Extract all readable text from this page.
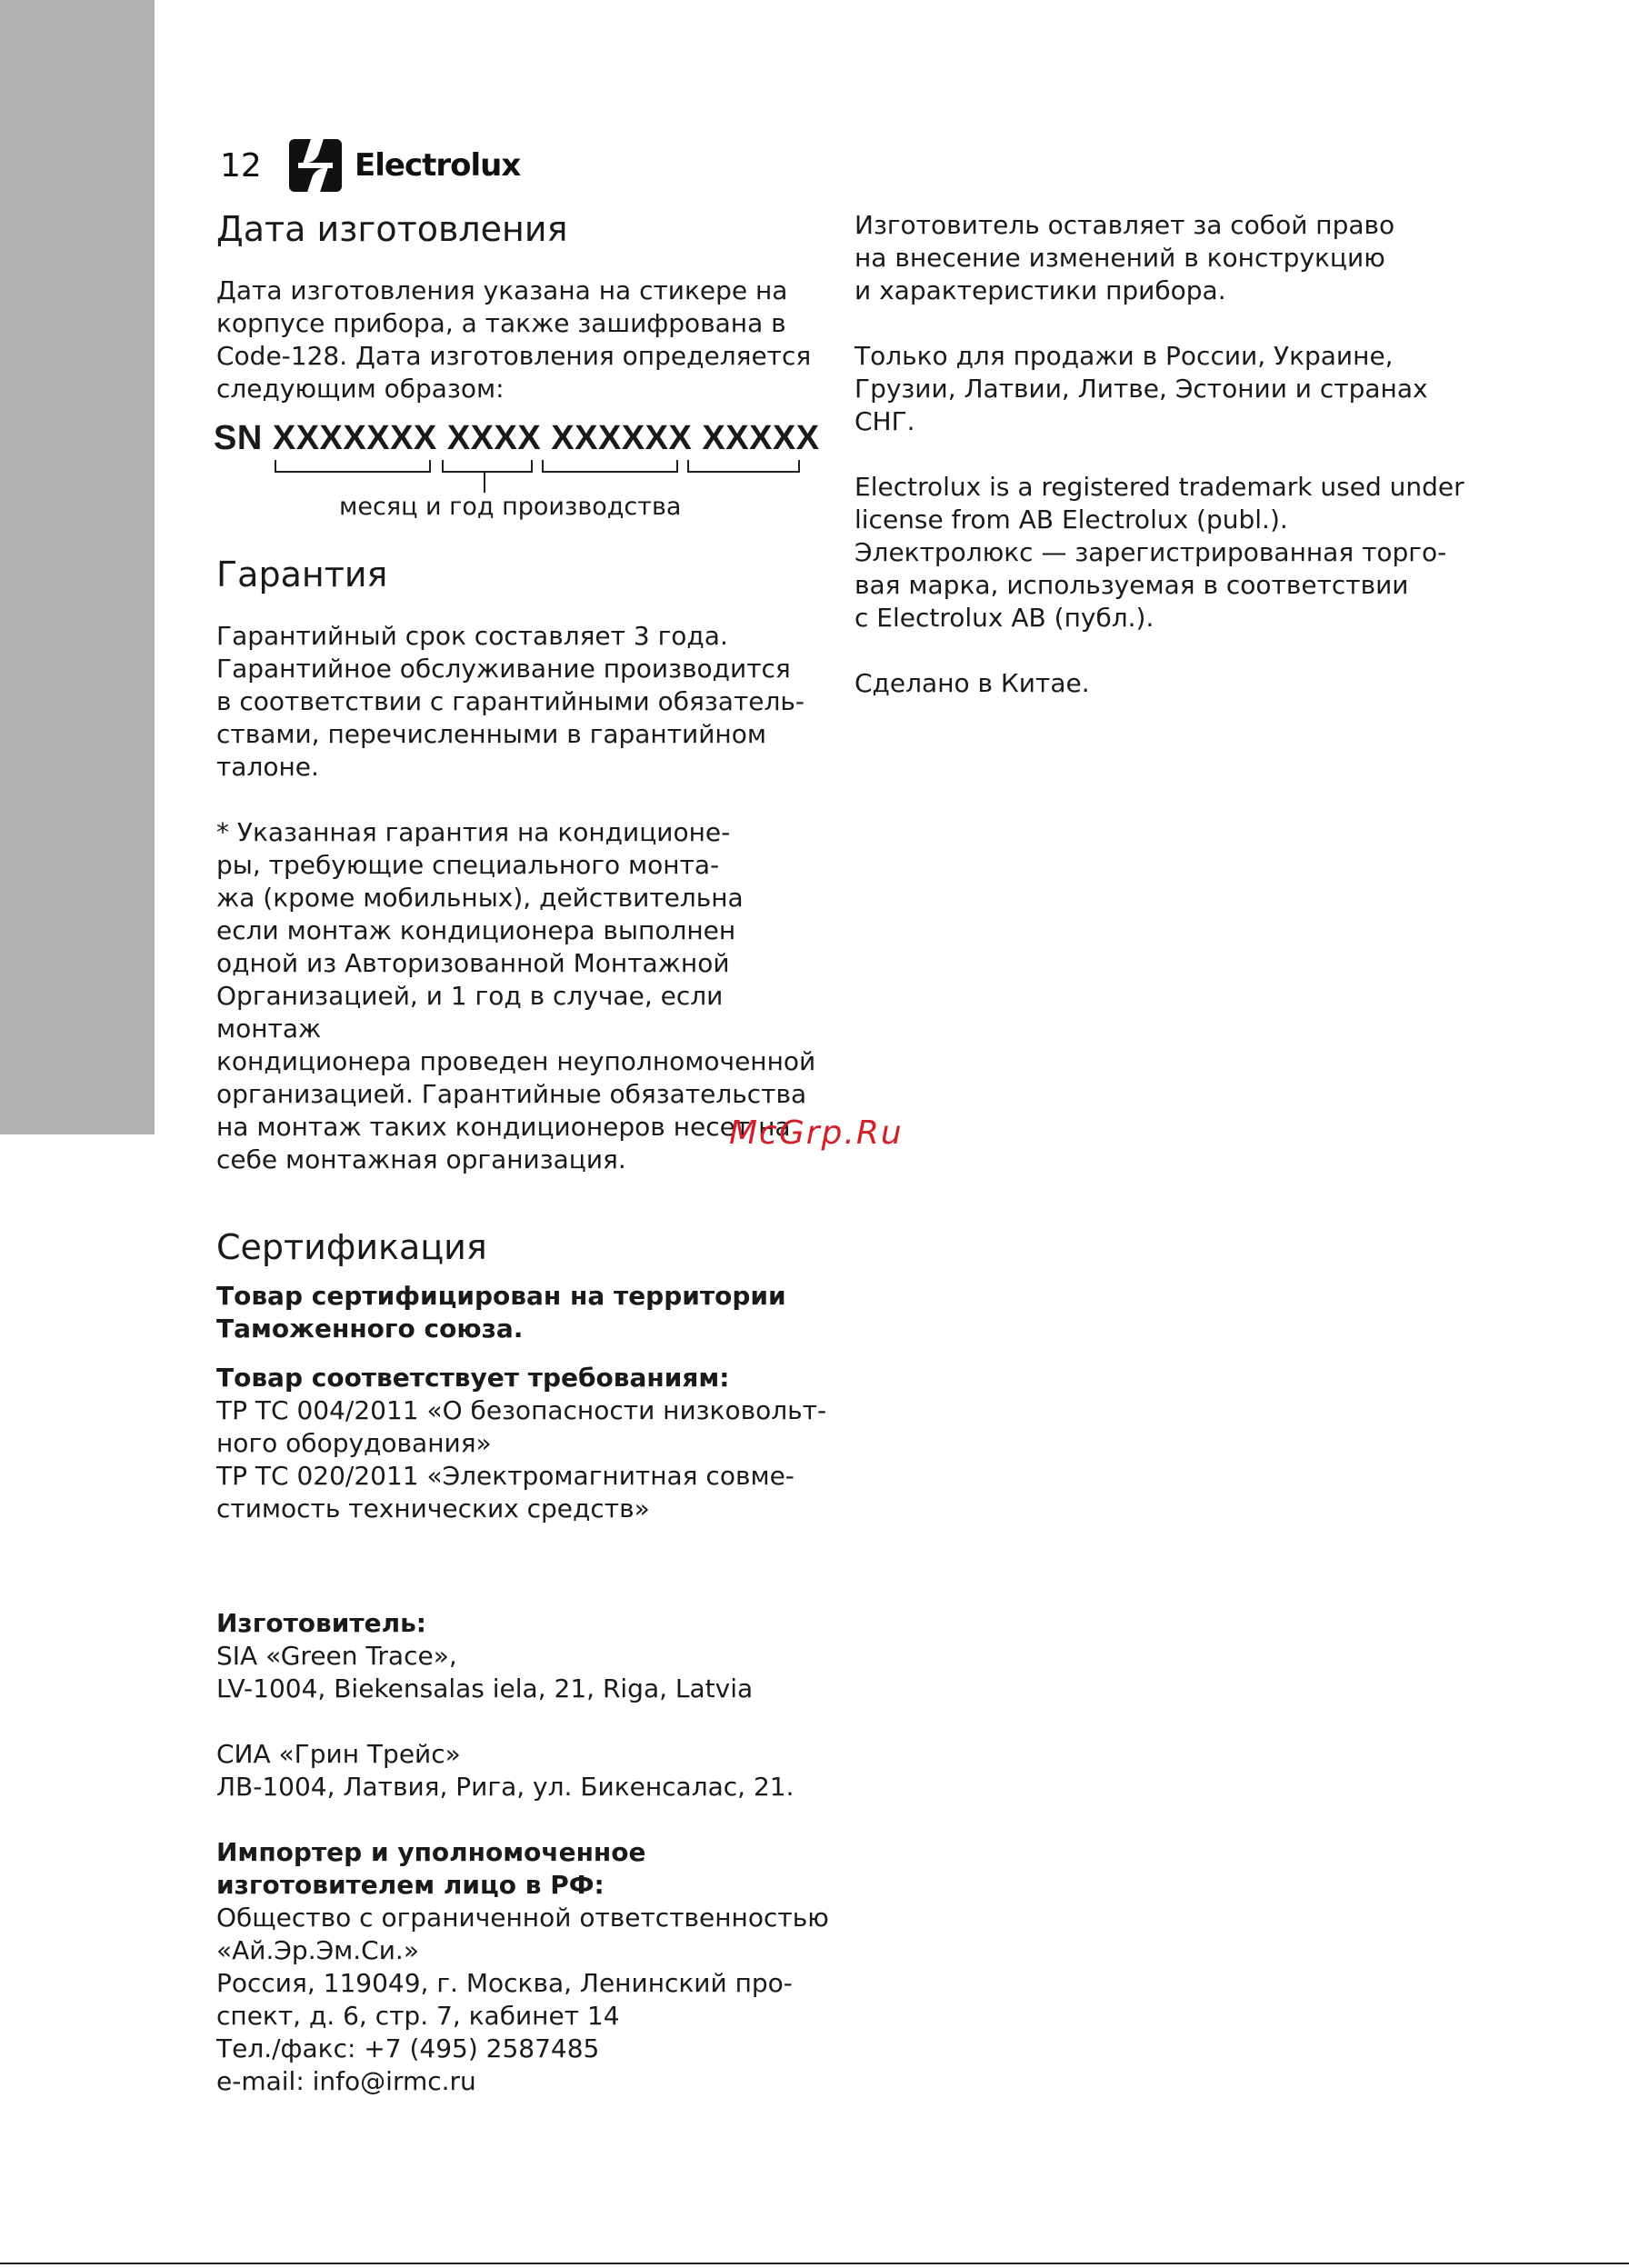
12	Electrolux
Дата изготовления

Дата изготовления указана на стикере на
корпусе прибора, а также зашифрована в
Code-128. Дата изготовления определяется
следующим образом:

SN XXXXXXX XXXX XXXXXX XXXXX
месяц и год производства
Гарантия

Гарантийный срок составляет 3 года.
Гарантийное обслуживание производится
в соответствии с гарантийными обязатель-
ствами, перечисленными в гарантийном
талоне.

* Указанная гарантия на кондиционе-
ры, требующие специального монта-
жа (кроме мобильных), действительна
если монтаж кондиционера выполнен
одной из Авторизованной Монтажной
Организацией, и 1 год в случае, если монтаж
кондиционера проведен неуполномоченной
организацией. Гарантийные обязательства
на монтаж таких кондиционеров несет на
себе монтажная организация.

Сертификация

Товар сертифицирован на территории
Таможенного союза.

Товар соответствует требованиям:

ТР ТС 004/2011 «О безопасности низковольт-
ного оборудования»
ТР ТС 020/2011 «Электромагнитная совме-
стимость технических средств»

Изготовитель:

SIA «Green Trace»,
LV-1004, Biekensalas iela, 21, Riga, Latvia

СИА «Грин Трейс»
ЛВ-1004, Латвия, Рига, ул. Бикенсалас, 21.

Импортер и уполномоченное
изготовителем лицо в РФ:

Общество с ограниченной ответственностью
«Ай.Эр.Эм.Си.»
Россия, 119049, г. Москва, Ленинский про-
спект, д. 6, стр. 7, кабинет 14
Тел./факс: +7 (495) 2587485
e-mail: info@irmc.ru

Изготовитель оставляет за собой право
на внесение изменений в конструкцию
и характеристики прибора.

Только для продажи в России, Украине,
Грузии, Латвии, Литве, Эстонии и странах
СНГ.

Electrolux is a registered trademark used under
license from AB Electrolux (publ.).
Электролюкс — зарегистрированная торго-
вая марка, используемая в соответствии
с Electrolux AB (публ.).

Сделано в Китае.

McGrp.Ru
